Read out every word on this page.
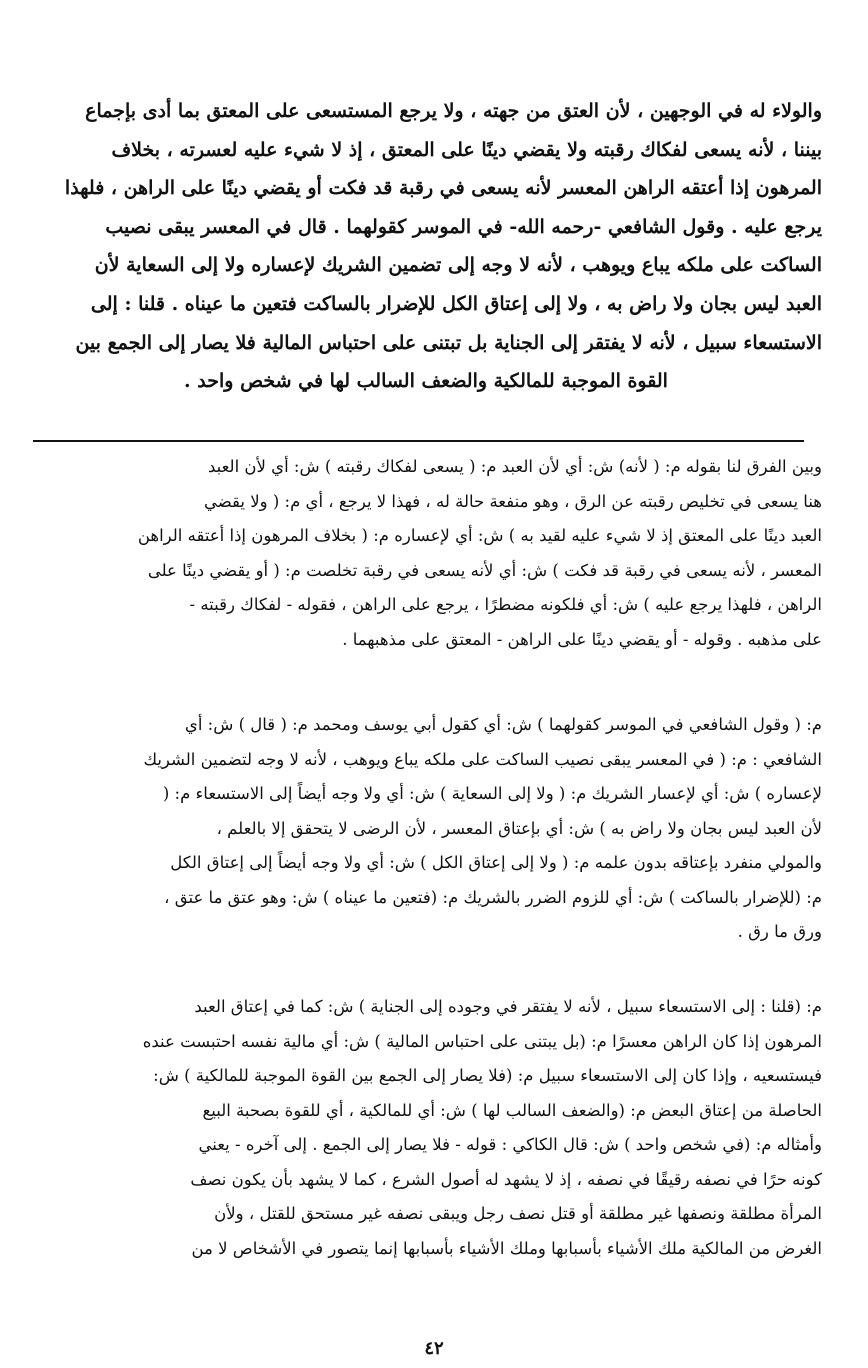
والولاء له في الوجهين ، لأن العتق من جهته ، ولا يرجع المستسعى على المعتق بما أدى بإجماع
بيننا ، لأنه يسعى لفكاك رقبته ولا يقضي دينًا على المعتق ، إذ لا شيء عليه لعسرته ، بخلاف
المرهون إذا أعتقه الراهن المعسر لأنه يسعى في رقبة قد فكت أو يقضي دينًا على الراهن ، فلهذا
يرجع عليه . وقول الشافعي -رحمه الله- في الموسر كقولهما . قال في المعسر يبقى نصيب
الساكت على ملكه يباع ويوهب ، لأنه لا وجه إلى تضمين الشريك لإعساره ولا إلى السعاية لأن
العبد ليس بجان ولا راض به ، ولا إلى إعتاق الكل للإضرار بالساكت فتعين ما عيناه . قلنا : إلى
الاستسعاء سبيل ، لأنه لا يفتقر إلى الجناية بل تبتنى على احتباس المالية فلا يصار إلى الجمع بين
القوة الموجبة للمالكية والضعف السالب لها في شخص واحد .
وبين الفرق لنا بقوله م: ( لأنه) ش: أي لأن العبد م: ( يسعى لفكاك رقبته ) ش: أي لأن العبد
هنا يسعى في تخليص رقبته عن الرق ، وهو منفعة حالة له ، فهذا لا يرجع ، أي م: ( ولا يقضي
العبد دينًا على المعتق إذ لا شيء عليه لقيد به ) ش: أي لإعساره م: ( بخلاف المرهون إذا أعتقه الراهن
المعسر ، لأنه يسعى في رقبة قد فكت ) ش: أي لأنه يسعى في رقبة تخلصت م: ( أو يقضي دينًا على
الراهن ، فلهذا يرجع عليه ) ش: أي فلكونه مضطرًا ، يرجع على الراهن ، فقوله - لفكاك رقبته -
على مذهبه . وقوله - أو يقضي دينًا على الراهن - المعتق على مذهبهما .
م: ( وقول الشافعي في الموسر كقولهما ) ش: أي كقول أبي يوسف ومحمد م: ( قال ) ش: أي
الشافعي : م: ( في المعسر يبقى نصيب الساكت على ملكه يباع ويوهب ، لأنه لا وجه لتضمين الشريك
لإعساره ) ش: أي لإعسار الشريك م: ( ولا إلى السعاية ) ش: أي ولا وجه أيضاً إلى الاستسعاء م: (
لأن العبد ليس بجان ولا راض به ) ش: أي بإعتاق المعسر ، لأن الرضى لا يتحقق إلا بالعلم ،
والمولي منفرد بإعتاقه بدون علمه م: ( ولا إلى إعتاق الكل ) ش: أي ولا وجه أيضاً إلى إعتاق الكل
م: (للإضرار بالساكت ) ش: أي للزوم الضرر بالشريك م: (فتعين ما عيناه ) ش: وهو عتق ما عتق ،
ورق ما رق .
م: (قلنا : إلى الاستسعاء سبيل ، لأنه لا يفتقر في وجوده إلى الجناية ) ش: كما في إعتاق العبد
المرهون إذا كان الراهن معسرًا م: (بل يبتنى على احتباس المالية ) ش: أي مالية نفسه احتبست عنده
فيستسعيه ، وإذا كان إلى الاستسعاء سبيل م: (فلا يصار إلى الجمع بين القوة الموجبة للمالكية ) ش:
الحاصلة من إعتاق البعض م: (والضعف السالب لها ) ش: أي للمالكية ، أي للقوة بصحبة البيع
وأمثاله م: (في شخص واحد ) ش: قال الكاكي : قوله - فلا يصار إلى الجمع . إلى آخره - يعني
كونه حرًا في نصفه رقيقًا في نصفه ، إذ لا يشهد له أصول الشرع ، كما لا يشهد بأن يكون نصف
المرأة مطلقة ونصفها غير مطلقة أو قتل نصف رجل ويبقى نصفه غير مستحق للقتل ، ولأن
الغرض من المالكية ملك الأشياء بأسبابها وملك الأشياء بأسبابها إنما يتصور في الأشخاص لا من
٤٢
